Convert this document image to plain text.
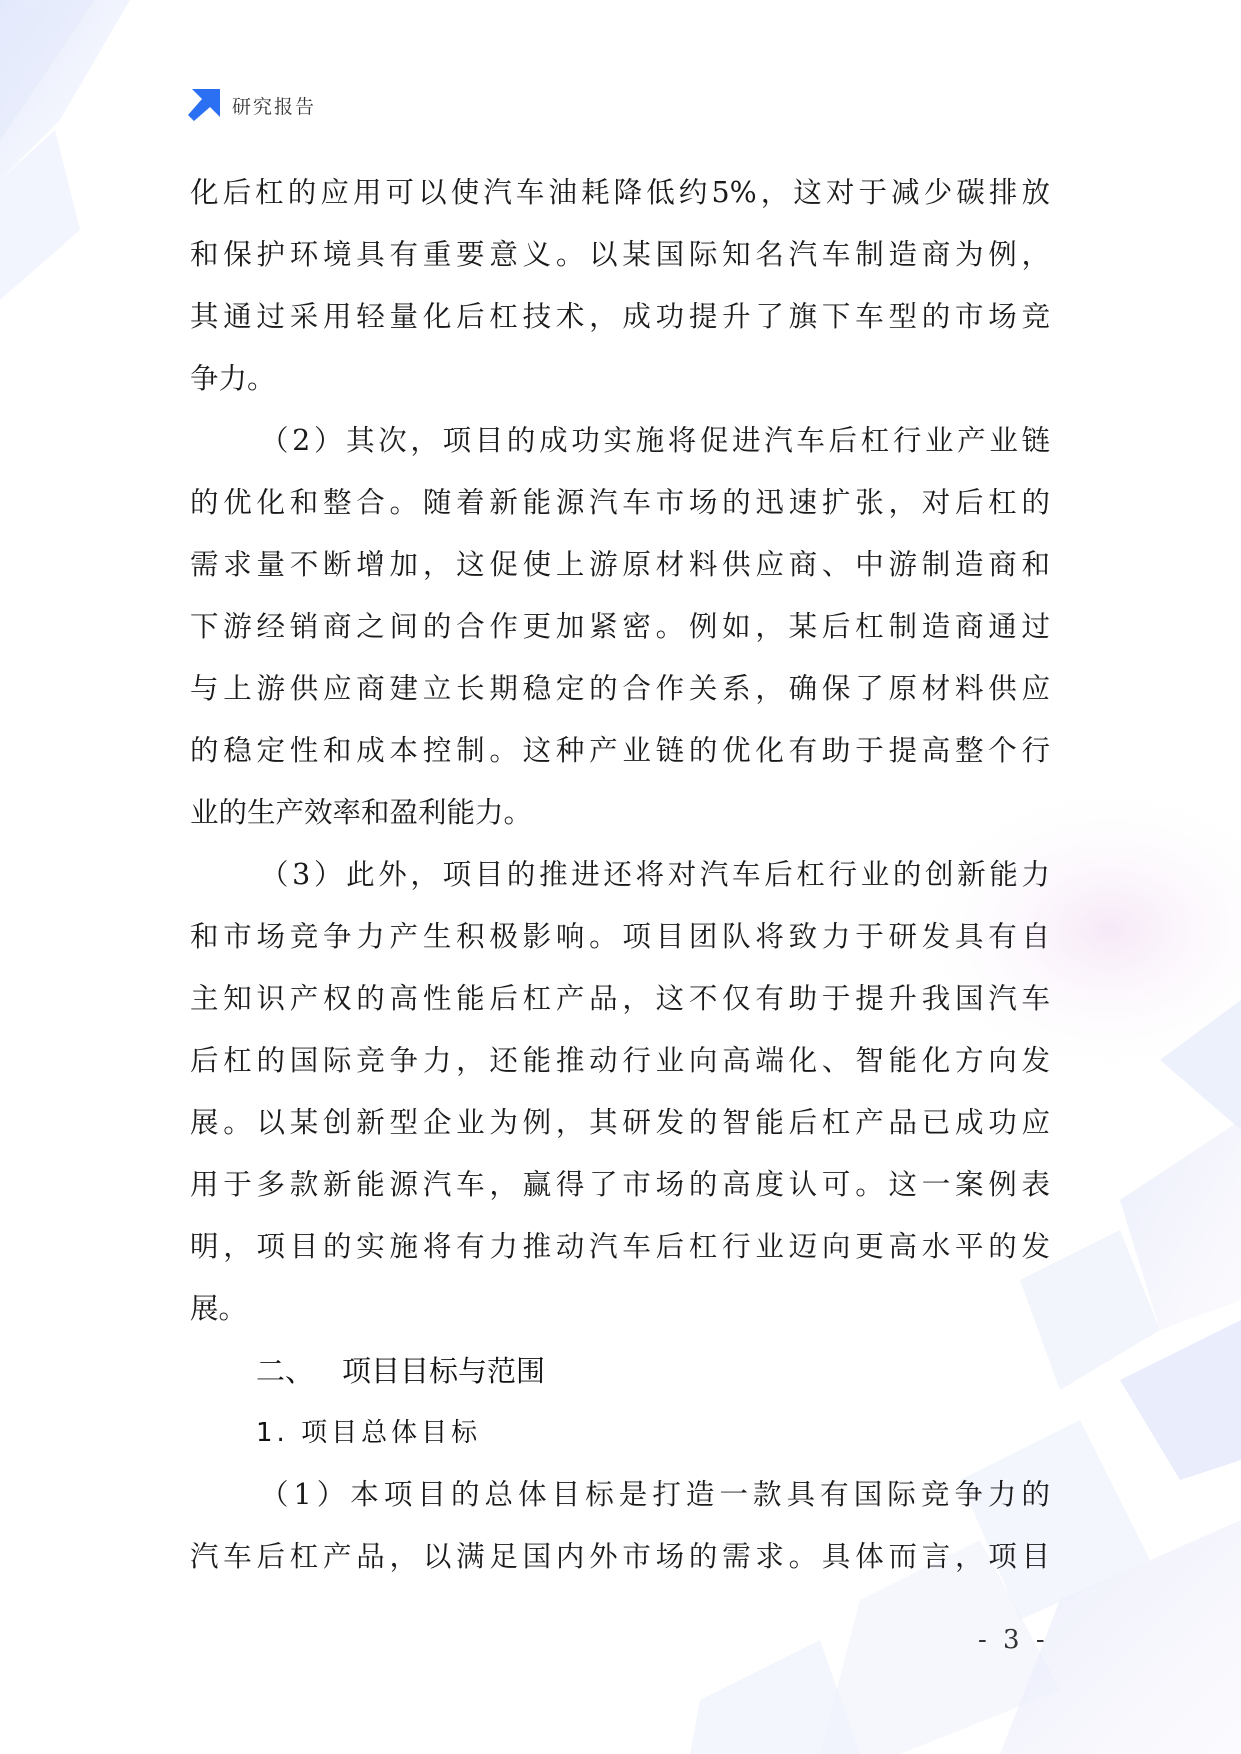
研究报告
化后杠的应用可以使汽车油耗降低约5%，这对于减少碳排放
和保护环境具有重要意义。以某国际知名汽车制造商为例，
其通过采用轻量化后杠技术，成功提升了旗下车型的市场竞
争力。
（2）其次，项目的成功实施将促进汽车后杠行业产业链
的优化和整合。随着新能源汽车市场的迅速扩张，对后杠的
需求量不断增加，这促使上游原材料供应商、中游制造商和
下游经销商之间的合作更加紧密。例如，某后杠制造商通过
与上游供应商建立长期稳定的合作关系，确保了原材料供应
的稳定性和成本控制。这种产业链的优化有助于提高整个行
业的生产效率和盈利能力。
（3）此外，项目的推进还将对汽车后杠行业的创新能力
和市场竞争力产生积极影响。项目团队将致力于研发具有自
主知识产权的高性能后杠产品，这不仅有助于提升我国汽车
后杠的国际竞争力，还能推动行业向高端化、智能化方向发
展。以某创新型企业为例，其研发的智能后杠产品已成功应
用于多款新能源汽车，赢得了市场的高度认可。这一案例表
明，项目的实施将有力推动汽车后杠行业迈向更高水平的发
展。
二、 项目目标与范围
1. 项目总体目标
（1）本项目的总体目标是打造一款具有国际竞争力的
汽车后杠产品，以满足国内外市场的需求。具体而言，项目
- 3 -
